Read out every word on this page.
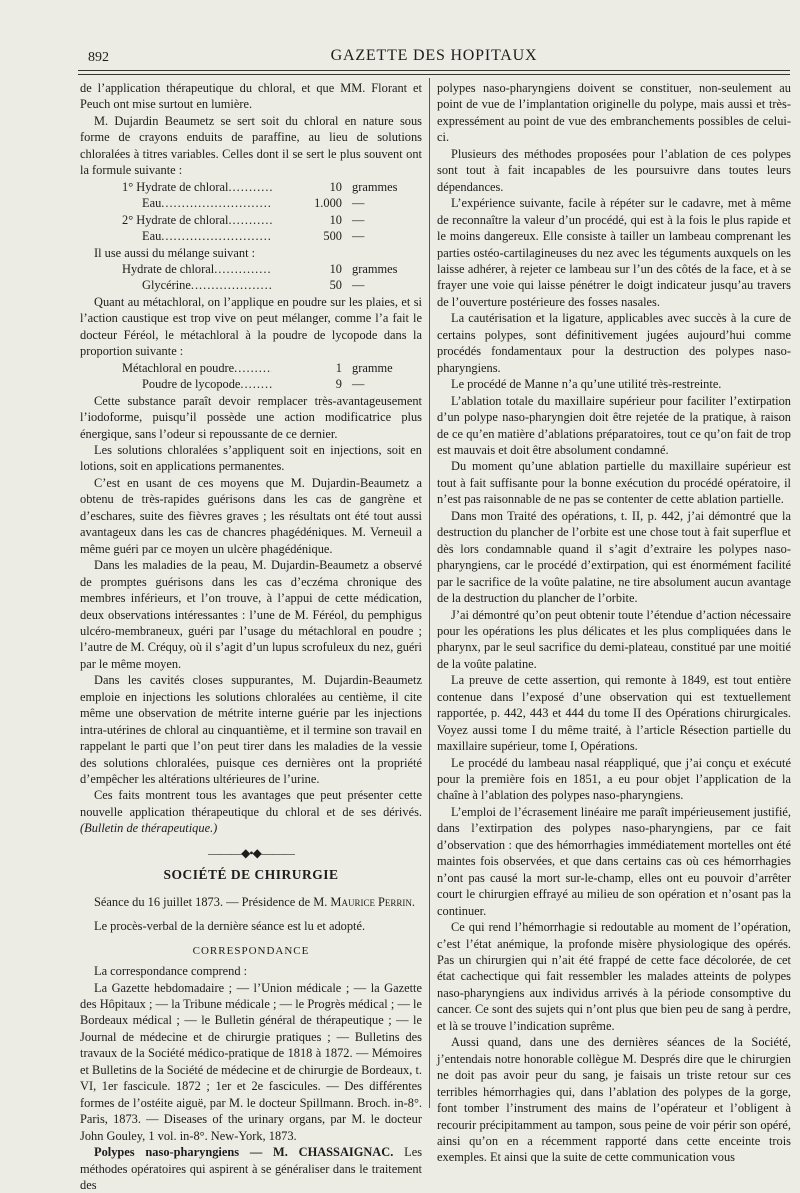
892	GAZETTE DES HOPITAUX

de l’application thérapeutique du chloral, et que MM. Florant et Peuch ont mise surtout en lumière.

M. Dujardin Beaumetz se sert soit du chloral en nature sous forme de crayons enduits de paraffine, au lieu de solutions chloralées à titres variables. Celles dont il se sert le plus souvent ont la formule suivante :

1° Hydrate de chloral .....	10 grammes
Eau .....	1.000 —
2° Hydrate de chloral .....	10 —
Eau .....	500 —

Il use aussi du mélange suivant :

Hydrate de chloral .....	10 grammes
Glycérine .....	50 —

Quant au métachloral, on l’applique en poudre sur les plaies, et si l’action caustique est trop vive on peut mélanger, comme l’a fait le docteur Féréol, le métachloral à la poudre de lycopode dans la proportion suivante :

Métachloral en poudre .....	1 gramme
Poudre de lycopode .....	9 —

Cette substance paraît devoir remplacer très-avantageusement l’iodoforme, puisqu’il possède une action modificatrice plus énergique, sans l’odeur si repoussante de ce dernier.

Les solutions chloralées s’appliquent soit en injections, soit en lotions, soit en applications permanentes.

C’est en usant de ces moyens que M. Dujardin-Beaumetz a obtenu de très-rapides guérisons dans les cas de gangrène et d’eschares, suite des fièvres graves ; les résultats ont été tout aussi avantageux dans les cas de chancres phagédéniques. M. Verneuil a même guéri par ce moyen un ulcère phagédénique.

Dans les maladies de la peau, M. Dujardin-Beaumetz a observé de promptes guérisons dans les cas d’eczéma chronique des membres inférieurs, et l’on trouve, à l’appui de cette médication, deux observations intéressantes : l’une de M. Féréol, du pemphigus ulcéro-membraneux, guéri par l’usage du métachloral en poudre ; l’autre de M. Créquy, où il s’agit d’un lupus scrofuleux du nez, guéri par le même moyen.

Dans les cavités closes suppurantes, M. Dujardin-Beaumetz emploie en injections les solutions chloralées au centième, il cite même une observation de métrite interne guérie par les injections intra-utérines de chloral au cinquantième, et il termine son travail en rappelant le parti que l’on peut tirer dans les maladies de la vessie des solutions chloralées, puisque ces dernières ont la propriété d’empêcher les altérations ultérieures de l’urine.

Ces faits montrent tous les avantages que peut présenter cette nouvelle application thérapeutique du chloral et de ses dérivés. (Bulletin de thérapeutique.)

———◆•◆———
SOCIÉTÉ DE CHIRURGIE

Séance du 16 juillet 1873. — Présidence de M. Maurice Perrin.

Le procès-verbal de la dernière séance est lu et adopté.

CORRESPONDANCE

La correspondance comprend :

La Gazette hebdomadaire ; — l’Union médicale ; — la Gazette des Hôpitaux ; — la Tribune médicale ; — le Progrès médical ; — le Bordeaux médical ; — le Bulletin général de thérapeutique ; — le Journal de médecine et de chirurgie pratiques ; — Bulletins des travaux de la Société médico-pratique de 1818 à 1872. — Mémoires et Bulletins de la Société de médecine et de chirurgie de Bordeaux, t. VI, 1er fascicule. 1872 ; 1er et 2e fascicules. — Des différentes formes de l’ostéite aiguë, par M. le docteur Spillmann. Broch. in-8°. Paris, 1873. — Diseases of the urinary organs, par M. le docteur John Gouley, 1 vol. in-8°. New-York, 1873.

Polypes naso-pharyngiens — M. CHASSAIGNAC. Les méthodes opératoires qui aspirent à se généraliser dans le traitement des

polypes naso-pharyngiens doivent se constituer, non-seulement au point de vue de l’implantation originelle du polype, mais aussi et très-expressément au point de vue des embranchements possibles de celui-ci.

Plusieurs des méthodes proposées pour l’ablation de ces polypes sont tout à fait incapables de les poursuivre dans toutes leurs dépendances.

L’expérience suivante, facile à répéter sur le cadavre, met à même de reconnaître la valeur d’un procédé, qui est à la fois le plus rapide et le moins dangereux. Elle consiste à tailler un lambeau comprenant les parties ostéo-cartilagineuses du nez avec les téguments auxquels on les laisse adhérer, à rejeter ce lambeau sur l’un des côtés de la face, et à se frayer une voie qui laisse pénétrer le doigt indicateur jusqu’au travers de l’ouverture postérieure des fosses nasales.

La cautérisation et la ligature, applicables avec succès à la cure de certains polypes, sont définitivement jugées aujourd’hui comme procédés fondamentaux pour la destruction des polypes naso-pharyngiens.

Le procédé de Manne n’a qu’une utilité très-restreinte.

L’ablation totale du maxillaire supérieur pour faciliter l’extirpation d’un polype naso-pharyngien doit être rejetée de la pratique, à raison de ce qu’en matière d’ablations préparatoires, tout ce qu’on fait de trop est mauvais et doit être absolument condamné.

Du moment qu’une ablation partielle du maxillaire supérieur est tout à fait suffisante pour la bonne exécution du procédé opératoire, il n’est pas raisonnable de ne pas se contenter de cette ablation partielle.

Dans mon Traité des opérations, t. II, p. 442, j’ai démontré que la destruction du plancher de l’orbite est une chose tout à fait superflue et dès lors condamnable quand il s’agit d’extraire les polypes naso-pharyngiens, car le procédé d’extirpation, qui est énormément facilité par le sacrifice de la voûte palatine, ne tire absolument aucun avantage de la destruction du plancher de l’orbite.

J’ai démontré qu’on peut obtenir toute l’étendue d’action nécessaire pour les opérations les plus délicates et les plus compliquées dans le pharynx, par le seul sacrifice du demi-plateau, constitué par une moitié de la voûte palatine.

La preuve de cette assertion, qui remonte à 1849, est tout entière contenue dans l’exposé d’une observation qui est textuellement rapportée, p. 442, 443 et 444 du tome II des Opérations chirurgicales. Voyez aussi tome I du même traité, à l’article Résection partielle du maxillaire supérieur, tome I, Opérations.

Le procédé du lambeau nasal réappliqué, que j’ai conçu et exécuté pour la première fois en 1851, a eu pour objet l’application de la chaîne à l’ablation des polypes naso-pharyngiens.

L’emploi de l’écrasement linéaire me paraît impérieusement justifié, dans l’extirpation des polypes naso-pharyngiens, par ce fait d’observation : que des hémorrhagies immédiatement mortelles ont été maintes fois observées, et que dans certains cas où ces hémorrhagies n’ont pas causé la mort sur-le-champ, elles ont eu pouvoir d’arrêter court le chirurgien effrayé au milieu de son opération et n’osant pas la continuer.

Ce qui rend l’hémorrhagie si redoutable au moment de l’opération, c’est l’état anémique, la profonde misère physiologique des opérés. Pas un chirurgien qui n’ait été frappé de cette face décolorée, de cet état cachectique qui fait ressembler les malades atteints de polypes naso-pharyngiens aux individus arrivés à la période consomptive du cancer. Ce sont des sujets qui n’ont plus que bien peu de sang à perdre, et là se trouve l’indication suprême.

Aussi quand, dans une des dernières séances de la Société, j’entendais notre honorable collègue M. Després dire que le chirurgien ne doit pas avoir peur du sang, je faisais un triste retour sur ces terribles hémorrhagies qui, dans l’ablation des polypes de la gorge, font tomber l’instrument des mains de l’opérateur et l’obligent à recourir précipitamment au tampon, sous peine de voir périr son opéré, ainsi qu’on en a récemment rapporté dans cette enceinte trois exemples. Et ainsi que la suite de cette communication vous
